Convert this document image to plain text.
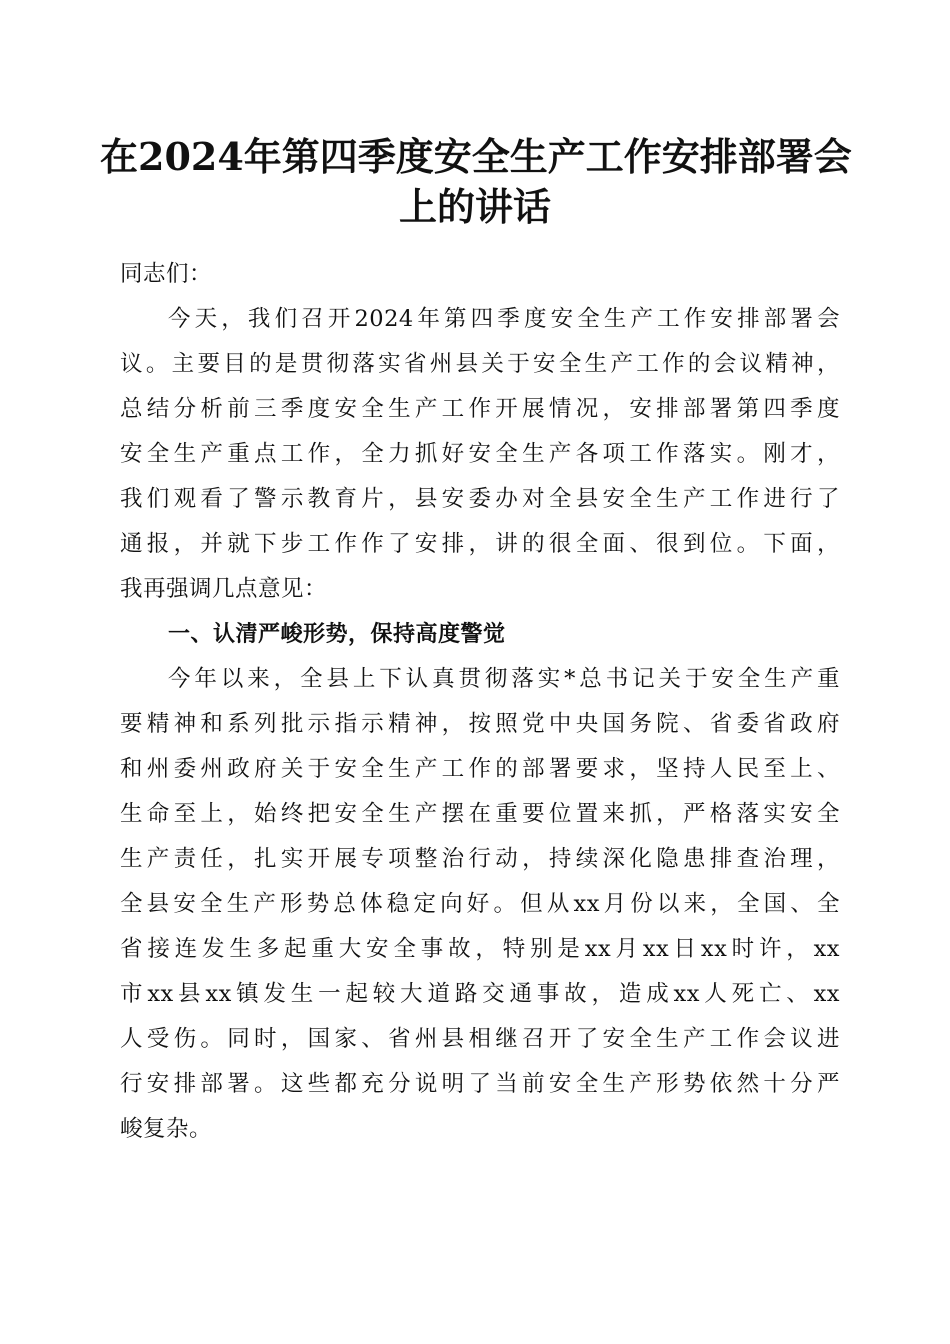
在2024年第四季度安全生产工作安排部署会
上的讲话
同志们：
今天，我们召开2024年第四季度安全生产工作安排部署会
议。主要目的是贯彻落实省州县关于安全生产工作的会议精神，
总结分析前三季度安全生产工作开展情况，安排部署第四季度
安全生产重点工作，全力抓好安全生产各项工作落实。刚才，
我们观看了警示教育片，县安委办对全县安全生产工作进行了
通报，并就下步工作作了安排，讲的很全面、很到位。下面，
我再强调几点意见：
一、认清严峻形势，保持高度警觉
今年以来，全县上下认真贯彻落实*总书记关于安全生产重
要精神和系列批示指示精神，按照党中央国务院、省委省政府
和州委州政府关于安全生产工作的部署要求，坚持人民至上、
生命至上，始终把安全生产摆在重要位置来抓，严格落实安全
生产责任，扎实开展专项整治行动，持续深化隐患排查治理，
全县安全生产形势总体稳定向好。但从xx月份以来，全国、全
省接连发生多起重大安全事故，特别是xx月xx日xx时许，xx
市xx县xx镇发生一起较大道路交通事故，造成xx人死亡、xx
人受伤。同时，国家、省州县相继召开了安全生产工作会议进
行安排部署。这些都充分说明了当前安全生产形势依然十分严
峻复杂。
